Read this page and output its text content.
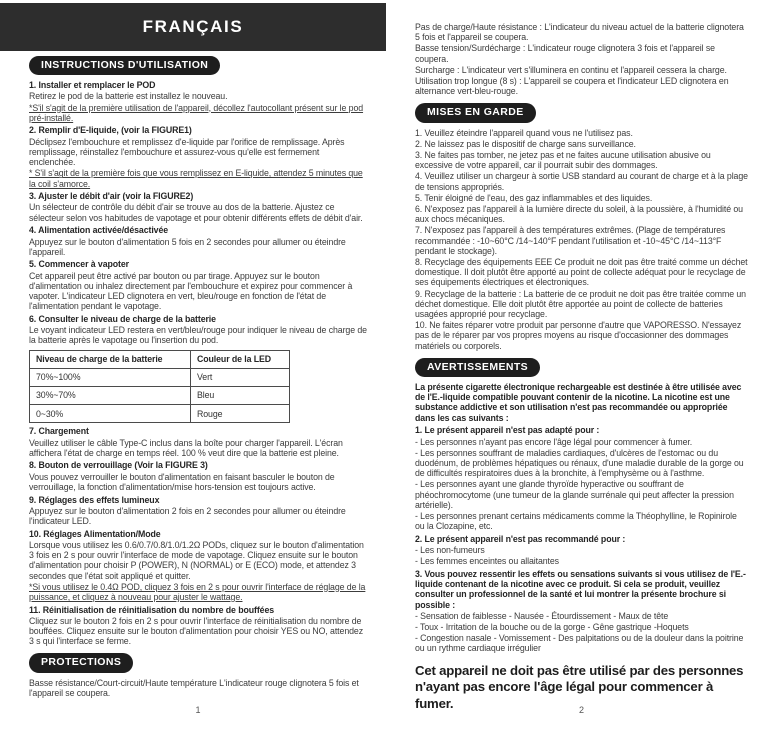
FRANÇAIS
INSTRUCTIONS D'UTILISATION
1. Installer et remplacer le POD
Retirez le pod de la batterie est installez le nouveau.
*S'il s'agit de la première utilisation de l'appareil, décollez l'autocollant présent sur le pod pré-installé.
2. Remplir d'E-liquide, (voir la FIGURE1)
Déclipsez l'embouchure et remplissez d'e-liquide par l'orifice de remplissage. Après remplissage, réinstallez l'embouchure et assurez-vous qu'elle est fermement enclenchée.
* S'il s'agit de la première fois que vous remplissez en E-liquide, attendez 5 minutes que la coil s'amorce.
3. Ajuster le débit d'air (voir la FIGURE2)
Un sélecteur de contrôle du débit d'air se trouve au dos de la batterie. Ajustez ce sélecteur selon vos habitudes de vapotage et pour obtenir différents effets de débit d'air.
4. Alimentation activée/désactivée
Appuyez sur le bouton d'alimentation 5 fois en 2 secondes pour allumer ou éteindre l'appareil.
5. Commencer à vapoter
Cet appareil peut être activé par bouton ou par tirage. Appuyez sur le bouton d'alimentation ou inhalez directement par l'embouchure et expirez pour commencer à vapoter. L'indicateur LED clignotera en vert, bleu/rouge en fonction de l'état de l'alimentation pendant le vapotage.
6. Consulter le niveau de charge de la batterie
Le voyant indicateur LED restera en vert/bleu/rouge pour indiquer le niveau de charge de la batterie après le vapotage ou l'insertion du pod.
Niveau de charge de la batterie	Couleur de la LED
70%~100%	Vert
30%~70%	Bleu
0~30%	Rouge
7. Chargement
Veuillez utiliser le câble Type-C inclus dans la boîte pour charger l'appareil. L'écran affichera l'état de charge en temps réel. 100 % veut dire que la batterie est pleine.
8. Bouton de verrouillage (Voir la FIGURE 3)
Vous pouvez verrouiller le bouton d'alimentation en faisant basculer le bouton de verrouillage, la fonction d'alimentation/mise hors-tension est toujours active.
9. Réglages des effets lumineux
Appuyez sur le bouton d'alimentation 2 fois en 2 secondes pour allumer ou éteindre l'indicateur LED.
10. Réglages Alimentation/Mode
Lorsque vous utilisez les 0.6/0.7/0.8/1.0/1.2Ω PODs, cliquez sur le bouton d'alimentation 3 fois en 2 s pour ouvrir l'interface de mode de vapotage. Cliquez ensuite sur le bouton d'alimentation pour choisir P (POWER), N (NORMAL) or E (ECO) mode, et attendez 3 secondes que l'état soit appliqué et quitter.
*Si vous utilisez le 0.4Ω POD, cliquez 3 fois en 2 s pour ouvrir l'interface de réglage de la puissance, et cliquez à nouveau pour ajuster le wattage.
11. Réinitialisation de réinitialisation du nombre de bouffées
Cliquez sur le bouton 2 fois en 2 s pour ouvrir l'interface de réinitialisation du nombre de bouffées. Cliquez ensuite sur le bouton d'alimentation pour choisir YES ou NO, attendez 3 s qui l'interface se ferme.
PROTECTIONS
Basse résistance/Court-circuit/Haute température L'indicateur rouge clignotera 5 fois et l'appareil se coupera.
Pas de charge/Haute résistance : L'indicateur du niveau actuel de la batterie clignotera 5 fois et l'appareil se coupera.
Basse tension/Surdécharge : L'indicateur rouge clignotera 3 fois et l'appareil se coupera.
Surcharge : L'indicateur vert s'illuminera en continu et l'appareil cessera la charge.
Utilisation trop longue (8 s) : L'appareil se coupera et l'indicateur LED clignotera en alternance vert-bleu-rouge.
MISES EN GARDE
1. Veuillez éteindre l'appareil quand vous ne l'utilisez pas.
2. Ne laissez pas le dispositif de charge sans surveillance.
3. Ne faites pas tomber, ne jetez pas et ne faites aucune utilisation abusive ou excessive de votre appareil, car il pourrait subir des dommages.
4. Veuillez utiliser un chargeur à sortie USB standard au courant de charge et à la plage de tensions appropriés.
5. Tenir éloigné de l'eau, des gaz inflammables et des liquides.
6. N'exposez pas l'appareil à la lumière directe du soleil, à la poussière, à l'humidité ou aux chocs mécaniques.
7. N'exposez pas l'appareil à des températures extrêmes. (Plage de températures recommandée : -10~60°C /14~140°F pendant l'utilisation et -10~45°C /14~113°F pendant le stockage).
8. Recyclage des équipements EEE Ce produit ne doit pas être traité comme un déchet domestique. Il doit plutôt être apporté au point de collecte adéquat pour le recyclage de ses équipements électriques et électroniques.
9. Recyclage de la batterie : La batterie de ce produit ne doit pas être traitée comme un déchet domestique. Elle doit plutôt être apportée au point de collecte de batteries usagées approprié pour recyclage.
10. Ne faites réparer votre produit par personne d'autre que VAPORESSO. N'essayez pas de le réparer par vos propres moyens au risque d'occasionner des dommages matériels ou corporels.
AVERTISSEMENTS
La présente cigarette électronique rechargeable est destinée à être utilisée avec de l'E.-liquide compatible pouvant contenir de la nicotine. La nicotine est une substance addictive et son utilisation n'est pas recommandée ou appropriée dans les cas suivants :
1. Le présent appareil n'est pas adapté pour :
- Les personnes n'ayant pas encore l'âge légal pour commencer à fumer.
- Les personnes souffrant de maladies cardiaques, d'ulcères de l'estomac ou du duodénum, de problèmes hépatiques ou rénaux, d'une maladie durable de la gorge ou de difficultés respiratoires dues à la bronchite, à l'emphysème ou à l'asthme.
- Les personnes ayant une glande thyroïde hyperactive ou souffrant de phéochromocytome (une tumeur de la glande surrénale qui peut affecter la pression artérielle).
- Les personnes prenant certains médicaments comme la Théophylline, le Ropinirole ou la Clozapine, etc.
2. Le présent appareil n'est pas recommandé pour :
- Les non-fumeurs
- Les femmes enceintes ou allaitantes
3. Vous pouvez ressentir les effets ou sensations suivants si vous utilisez de l'E.-liquide contenant de la nicotine avec ce produit. Si cela se produit, veuillez consulter un professionnel de la santé et lui montrer la présente brochure si possible :
- Sensation de faiblesse - Nausée - Étourdissement - Maux de tête
- Toux - Irritation de la bouche ou de la gorge - Gêne gastrique -Hoquets
- Congestion nasale - Vomissement - Des palpitations ou de la douleur dans la poitrine ou un rythme cardiaque irrégulier
Cet appareil ne doit pas être utilisé par des personnes n'ayant pas encore l'âge légal pour commencer à fumer.
1	2
